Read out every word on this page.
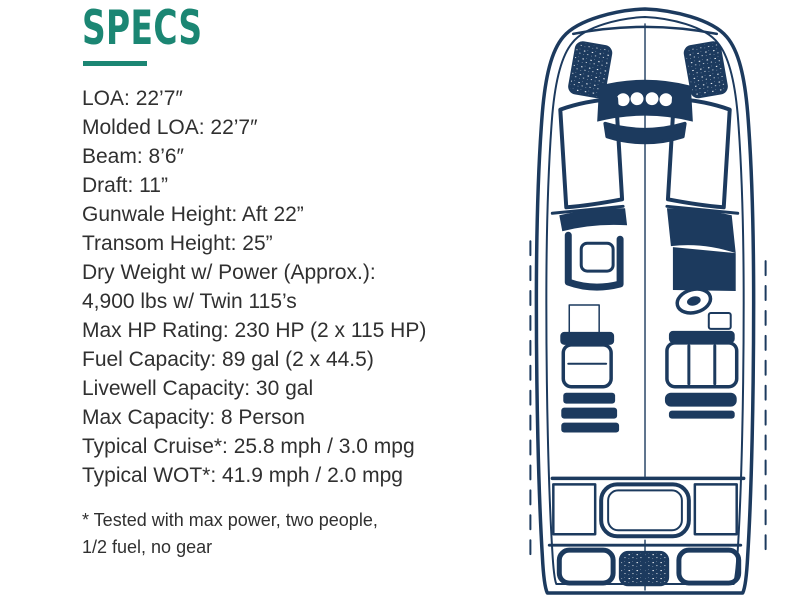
SPECS
LOA: 22’7″
Molded LOA: 22’7″
Beam: 8’6″
Draft: 11”
Gunwale Height: Aft 22”
Transom Height: 25”
Dry Weight w/ Power (Approx.):
4,900 lbs w/ Twin 115’s
Max HP Rating: 230 HP (2 x 115 HP)
Fuel Capacity: 89 gal (2 x 44.5)
Livewell Capacity: 30 gal
Max Capacity: 8 Person
Typical Cruise*: 25.8 mph / 3.0 mpg
Typical WOT*: 41.9 mph / 2.0 mpg
* Tested with max power, two people,
1/2 fuel, no gear
